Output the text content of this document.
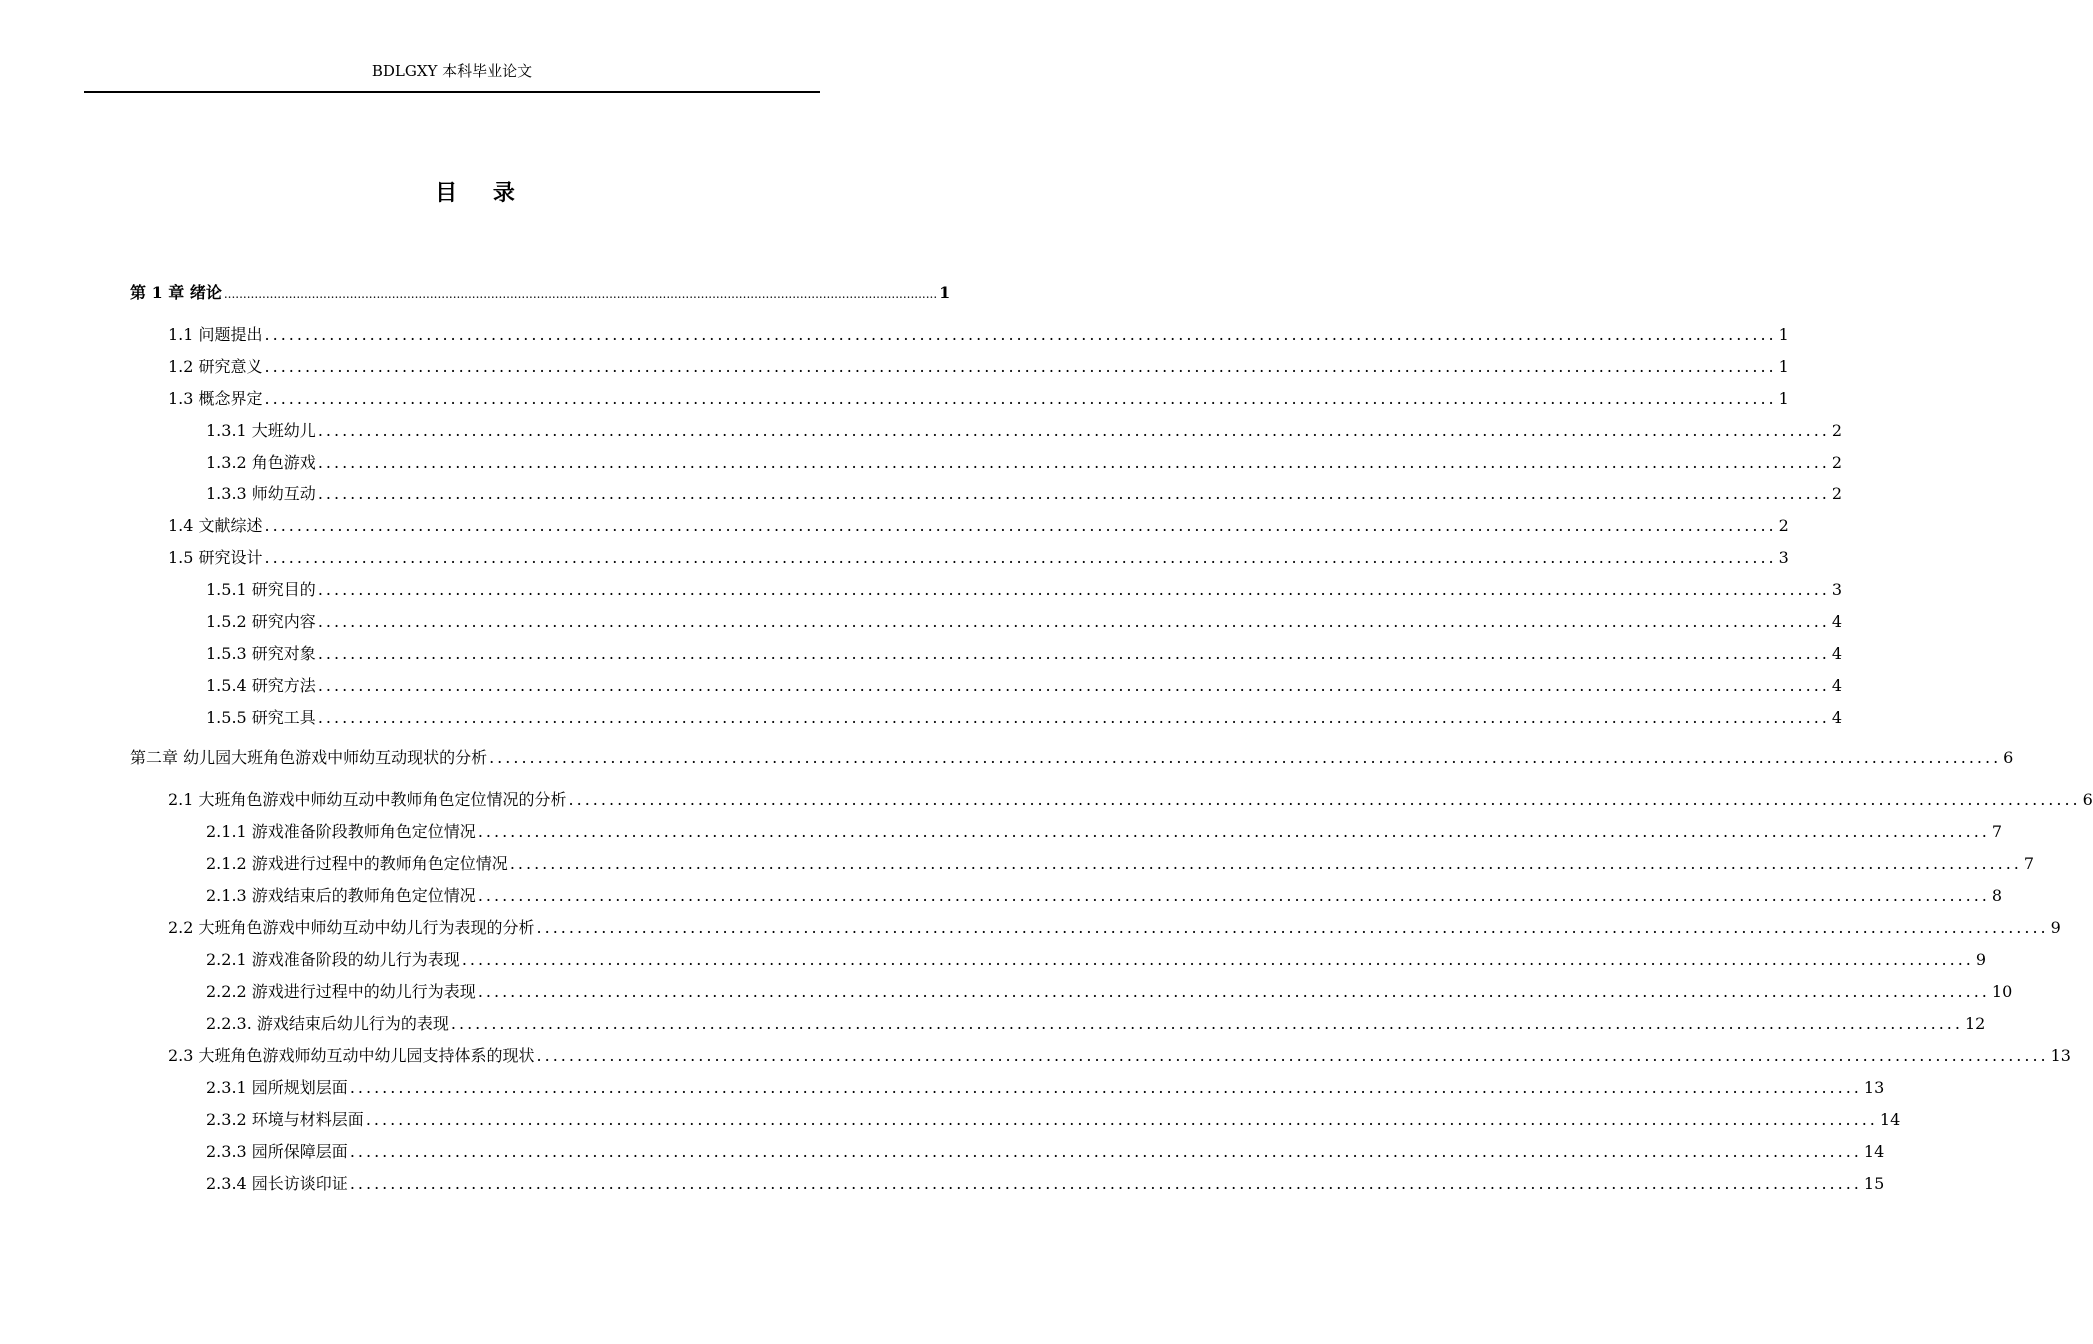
BDLGXY 本科毕业论文
目 录
第 1 章 绪论 ........................................................................................................................................................................................... 1
1.1 问题提出 ........................................................................................................................................................................................... 1
1.2 研究意义 ........................................................................................................................................................................................... 1
1.3 概念界定 ........................................................................................................................................................................................... 1
1.3.1 大班幼儿 ........................................................................................................................................................................................... 2
1.3.2 角色游戏 ........................................................................................................................................................................................... 2
1.3.3 师幼互动 ........................................................................................................................................................................................... 2
1.4 文献综述 ........................................................................................................................................................................................... 2
1.5 研究设计 ........................................................................................................................................................................................... 3
1.5.1 研究目的 ........................................................................................................................................................................................... 3
1.5.2 研究内容 ........................................................................................................................................................................................... 4
1.5.3 研究对象 ........................................................................................................................................................................................... 4
1.5.4 研究方法 ........................................................................................................................................................................................... 4
1.5.5 研究工具 ........................................................................................................................................................................................... 4
第二章 幼儿园大班角色游戏中师幼互动现状的分析 ........................................................................................................................................................................................... 6
2.1 大班角色游戏中师幼互动中教师角色定位情况的分析 ........................................................................................................................................................................................... 6
2.1.1 游戏准备阶段教师角色定位情况 ........................................................................................................................................................................................... 7
2.1.2 游戏进行过程中的教师角色定位情况 ........................................................................................................................................................................................... 7
2.1.3 游戏结束后的教师角色定位情况 ........................................................................................................................................................................................... 8
2.2 大班角色游戏中师幼互动中幼儿行为表现的分析 ........................................................................................................................................................................................... 9
2.2.1 游戏准备阶段的幼儿行为表现 ........................................................................................................................................................................................... 9
2.2.2 游戏进行过程中的幼儿行为表现 ........................................................................................................................................................................................... 10
2.2.3. 游戏结束后幼儿行为的表现 ........................................................................................................................................................................................... 12
2.3 大班角色游戏师幼互动中幼儿园支持体系的现状 ........................................................................................................................................................................................... 13
2.3.1 园所规划层面 ........................................................................................................................................................................................... 13
2.3.2 环境与材料层面 ........................................................................................................................................................................................... 14
2.3.3 园所保障层面 ........................................................................................................................................................................................... 14
2.3.4 园长访谈印证 ........................................................................................................................................................................................... 15
